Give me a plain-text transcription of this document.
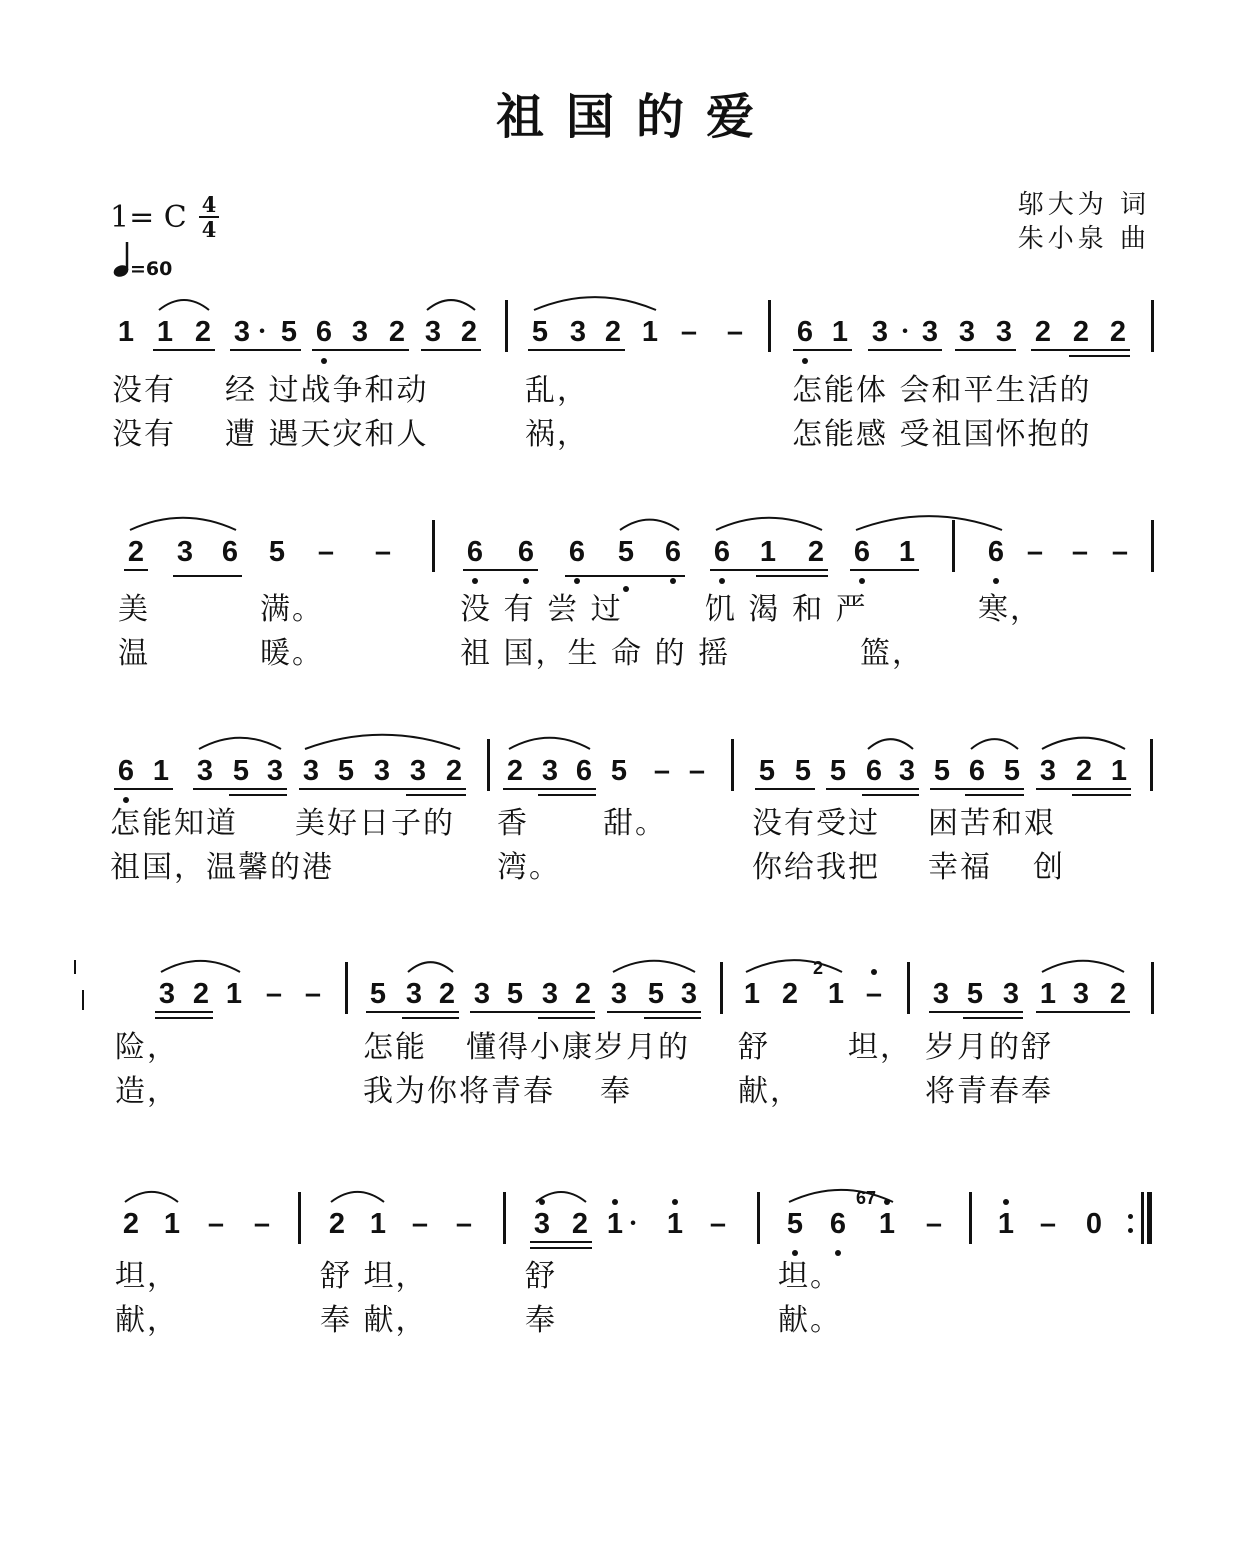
祖国的爱
1= C 4
4
=60
邬大为 词
朱小泉 曲
1 1 2 3 • 5 6 3 2 3 2 5 3 2 1 – – 6 1 3 • 3 3 3 2 2 2
没有 经 过战争和动	乱，	怎能体 会和平生活的
没有 遭 遇天灾和人	祸，	怎能感 受祖国怀抱的
2 3 6 5 – –	6 6 6 5 6 6 1 2 6 1	6 – – –
美	满。	没 有 尝 过	饥 渴 和 严	寒，
温	暖。	祖 国，生 命 的 摇	篮，
6 1 3 5 3 3 5 3 3 2 2 3 6 5 – – 5 5 5 6 3 5 6 5 3 2 1
怎能知道 美好日子的 香 甜。	没有受过 困苦和艰
祖国，温馨的港	湾。	你给我把 幸福 创
3 2 1 – – 5 3 2 3 5 3 2 3 5 3 1 2 1 – 3 5 3 1 3 2
险，	怎能 懂得小康岁月的 舒	坦， 岁月的舒
造，	我为你将青春 奉	献，	将青春奉
2 1 – – 2 1 – – 3 2 1 •	1 – 5 6 1 – 1 – 0
坦，	舒 坦，	舒	坦。
献，	奉 献，	奉	献。
2
67
